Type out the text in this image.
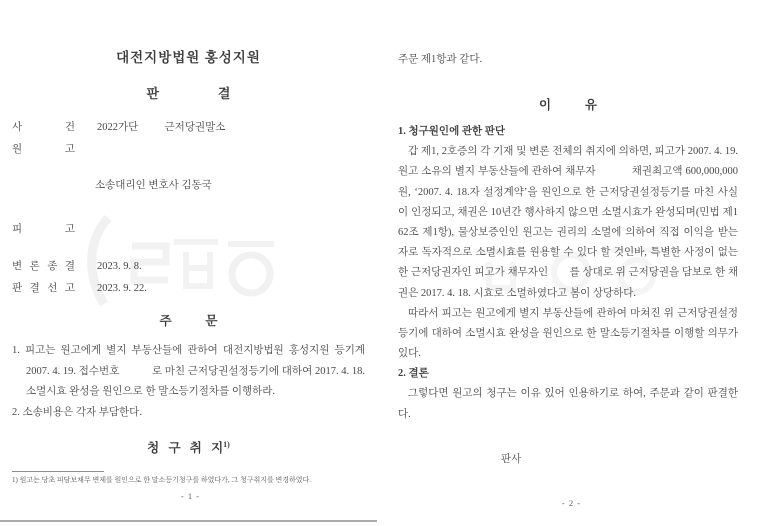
대전지방법원 홍성지원
판 결
사 건 2022가단          근저당권말소
원 고
소송대리인 변호사 김동국
피 고
변 론 종 결 2023. 9. 8.
판 결 선 고 2023. 9. 22.
주 문
1. 피고는 원고에게 별지 부동산들에 관하여 대전지방법원 홍성지원 등기계 2007. 4. 19. 접수번호            로 마친 근저당권설정등기에 대하여 2017. 4. 18. 소멸시효 완성을 원인으로 한 말소등기절차를 이행하라.
2. 소송비용은 각자 부담한다.
청 구 취 지$^{1)}$
1) 원고는 당초 피담보채무 변제를 원인으로 한 말소등기청구를 하였다가, 그 청구취지를 변경하였다.
- 1 -
주문 제1항과 같다.
이 유
1. 청구원인에 관한 판단
갑 제1, 2호증의 각 기재 및 변론 전체의 취지에 의하면, 피고가 2007. 4. 19. 원고 소유의 별지 부동산들에 관하여 채무자            채권최고액 600,000,000원, ‘2007. 4. 18.자 설정계약’을 원인으로 한 근저당권설정등기를 마친 사실이 인정되고, 채권은 10년간 행사하지 않으면 소멸시효가 완성되며(민법 제162조 제1항), 물상보증인인 원고는 권리의 소멸에 의하여 직접 이익을 받는 자로 독자적으로 소멸시효를 원용할 수 있다 할 것인바, 특별한 사정이 없는 한 근저당권자인 피고가 채무자인        를 상대로 위 근저당권을 담보로 한 채권은 2017. 4. 18. 시효로 소멸하였다고 봄이 상당하다.
따라서 피고는 원고에게 별지 부동산들에 관하여 마쳐진 위 근저당권설정등기에 대하여 소멸시효 완성을 원인으로 한 말소등기절차를 이행할 의무가 있다.
2. 결론
그렇다면 원고의 청구는 이유 있어 인용하기로 하여, 주문과 같이 판결한다.
판사
- 2 -
